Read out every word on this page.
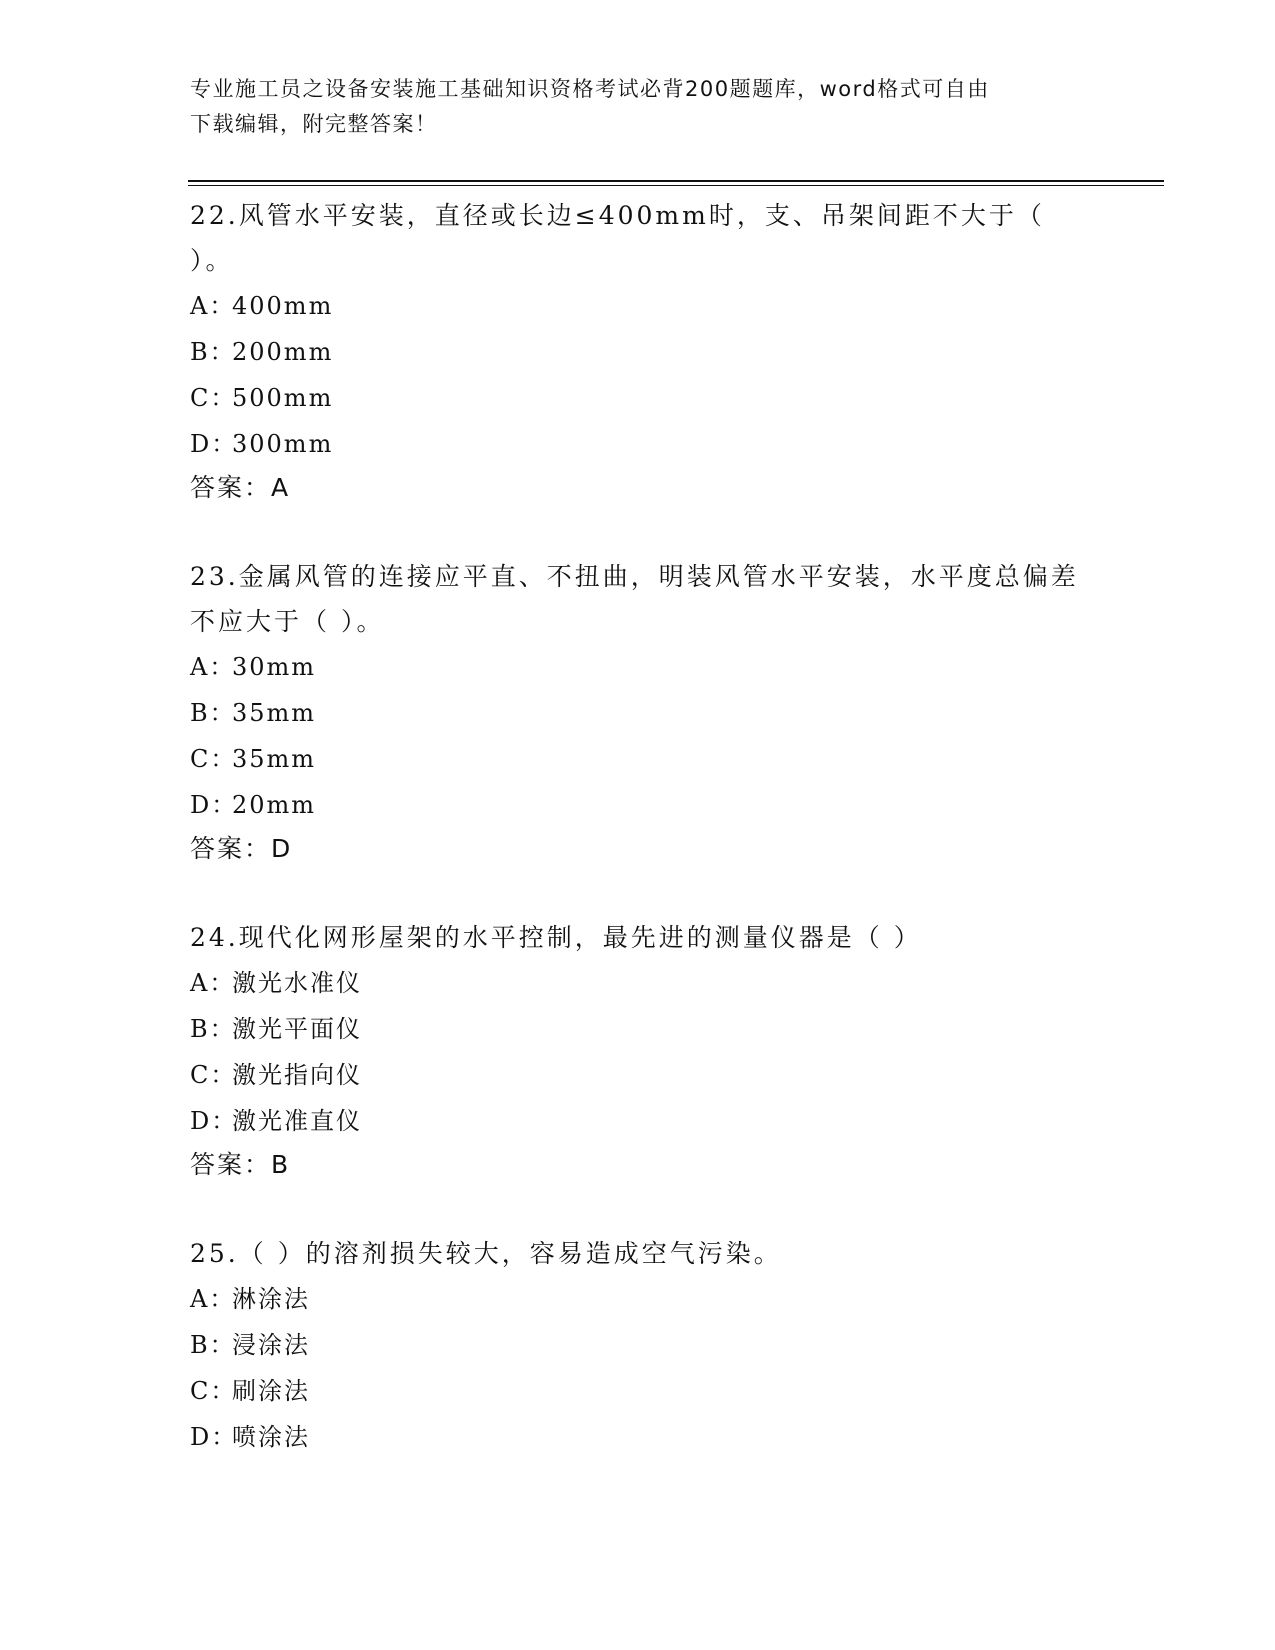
专业施工员之设备安装施工基础知识资格考试必背200题题库，word格式可自由
下载编辑，附完整答案！
22.风管水平安装，直径或长边≤400mm时，支、吊架间距不大于（ ）。
A：400mm
B：200mm
C：500mm
D：300mm
答案：A
23.金属风管的连接应平直、不扭曲，明装风管水平安装，水平度总偏差不应大于（ ）。
A：30mm
B：35mm
C：35mm
D：20mm
答案：D
24.现代化网形屋架的水平控制，最先进的测量仪器是（ ）
A：激光水准仪
B：激光平面仪
C：激光指向仪
D：激光准直仪
答案：B
25.（ ）的溶剂损失较大，容易造成空气污染。
A：淋涂法
B：浸涂法
C：刷涂法
D：喷涂法
